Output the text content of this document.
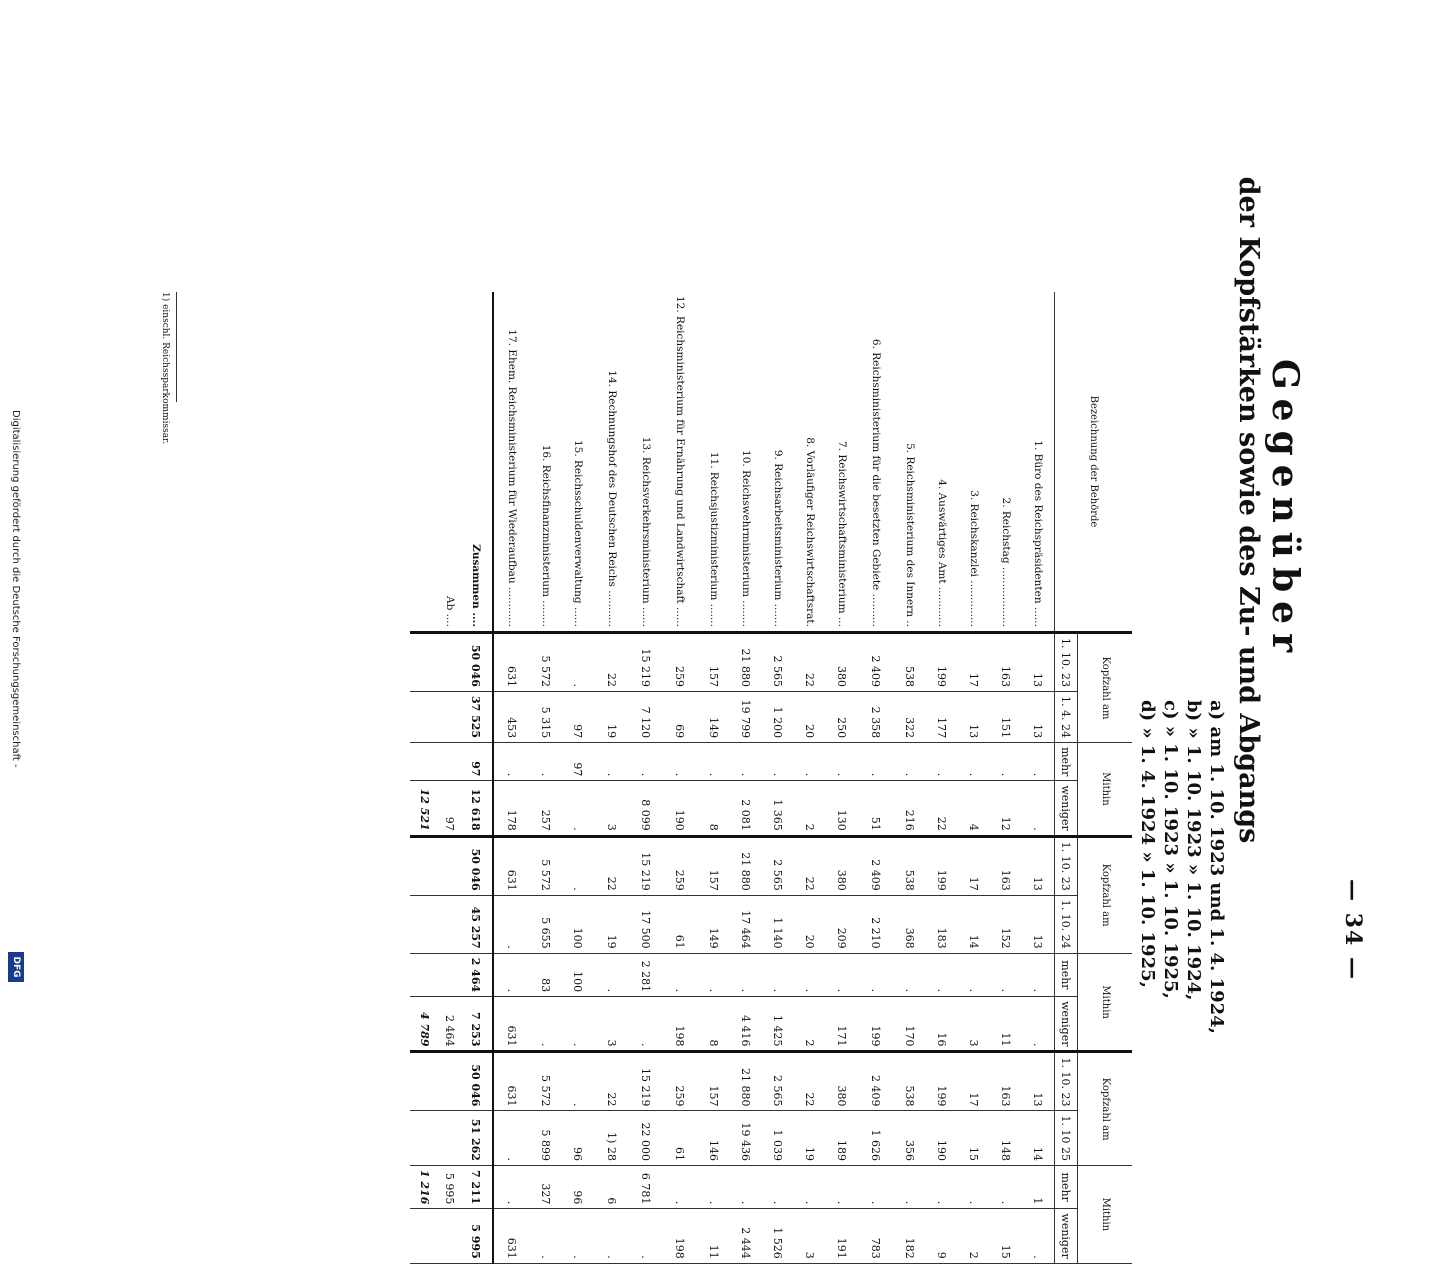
— 34 —
Gegenüber
der Kopfstärken sowie des Zu- und Abgangs
a) am 1. 10. 1923 und 1. 4. 1924,
b) » 1. 10. 1923 » 1. 10. 1924,
c) » 1. 10. 1923 » 1. 10. 1925,
d) » 1. 4. 1924 » 1. 10. 1925,
Bezeichnung der Behörde	Kopfzahl am		Mithin		Kopfzahl am		Mithin		Kopfzahl am		Mithin	
	1. 10. 23	1. 4. 24	mehr	weniger	1. 10. 23	1. 10. 24	mehr	weniger	1. 10. 23	1. 10 25	mehr	weniger
1. Büro des Reichspräsidenten ......	13	13	.	.	13	13	.	.	13	14	1	.
2. Reichstag ..................	163	151	.	12	163	152	.	11	163	148	.	15
3. Reichskanzlei ..............	17	13	.	4	17	14	.	3	17	15	.	2
4. Auswärtiges Amt ............	199	177	.	22	199	183	.	16	199	190	.	9
5. Reichsministerium des Innern ..	538	322	.	216	538	368	.	170	538	356	.	182
6. Reichsministerium für die besetzten Gebiete ..........	2 409	2 358	.	51	2 409	2 210	.	199	2 409	1 626	.	783
7. Reichswirtschaftsministerium ...	380	250	.	130	380	209	.	171	380	189	.	191
8. Vorläufiger Reichswirtschaftsrat.	22	20	.	2	22	20	.	2	22	19	.	3
9. Reichsarbeitsministerium .......	2 565	1 200	.	1 365	2 565	1 140	.	1 425	2 565	1 039	.	1 526
10. Reichswehrministerium ........	21 880	19 799	.	2 081	21 880	17 464	.	4 416	21 880	19 436	.	2 444
11. Reichsjustizministerium .......	157	149	.	8	157	149	.	8	157	146	.	11
12. Reichsministerium für Ernährung und Landwirtschaft ......	259	69	.	190	259	61	.	198	259	61	.	198
13. Reichsverkehrsministerium ......	15 219	7 120	.	8 099	15 219	17 500	2 281	.	15 219	22 000	6 781	.
14. Rechnungshof des Deutschen Reichs ...........	22	19	.	3	22	19	.	3	22	1) 28	6	.
15. Reichsschuldenverwaltung ......	.	97	97	.	.	100	100	.	.	96	96	.
16. Reichsfinanzministerium ........	5 572	5 315	.	257	5 572	5 655	83	.	5 572	5 899	327	.
17. Ehem. Reichsministerium für Wiederaufbau ............	631	453	.	178	631	.	.	631	631	.	.	631
Zusammen ....	50 046	37 525	97	12 618	50 046	45 257	2 464	7 253	50 046	51 262	7 211	5 995
Ab ....				97				2 464			5 995	
				12 521				4 789			1 216	
1) einschl. Reichssparkommissar.
Digitalisierung gefördert durch die Deutsche Forschungsgemeinschaft -
DFG
